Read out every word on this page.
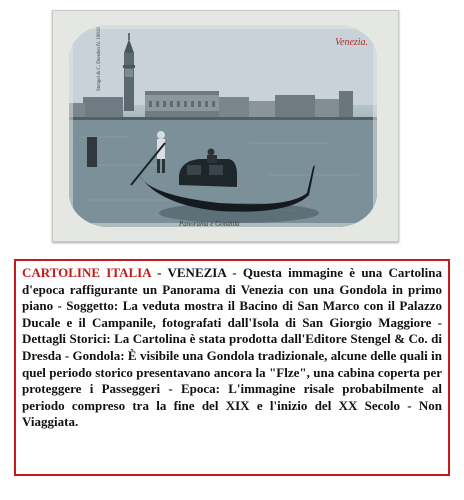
Venezia.
Panorama e Gondola
Stengel & C. Dresden N. 19819
CARTOLINE ITALIA - VENEZIA - Questa immagine è una Cartolina d'epoca raffigurante un Panorama di Venezia con una Gondola in primo piano - Soggetto: La veduta mostra il Bacino di San Marco con il Palazzo Ducale e il Campanile, fotografati dall'Isola di San Giorgio Maggiore - Dettagli Storici: La Cartolina è stata prodotta dall'Editore Stengel & Co. di Dresda - Gondola: È visibile una Gondola tradizionale, alcune delle quali in quel periodo storico presentavano ancora la "Flze", una cabina coperta per proteggere i Passeggeri - Epoca: L'immagine risale probabilmente al periodo compreso tra la fine del XIX e l'inizio del XX Secolo - Non Viaggiata.
